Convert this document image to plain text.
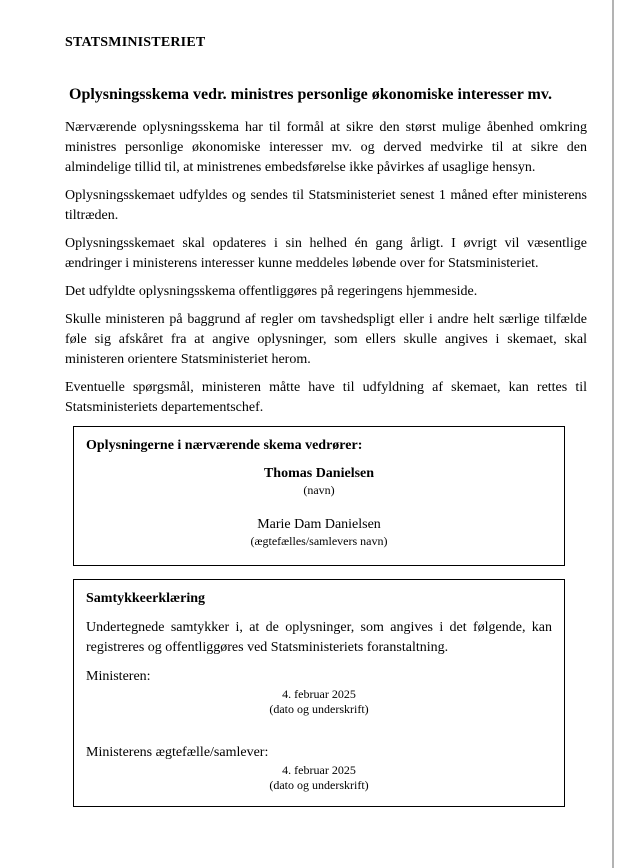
STATSMINISTERIET
Oplysningsskema vedr. ministres personlige økonomiske interesser mv.

Nærværende oplysningsskema har til formål at sikre den størst mulige åbenhed omkring ministres personlige økonomiske interesser mv. og derved medvirke til at sikre den almindelige tillid til, at ministrenes embedsførelse ikke påvirkes af usaglige hensyn.

Oplysningsskemaet udfyldes og sendes til Statsministeriet senest 1 måned efter ministerens tiltræden.

Oplysningsskemaet skal opdateres i sin helhed én gang årligt. I øvrigt vil væsentlige ændringer i ministerens interesser kunne meddeles løbende over for Statsministeriet.

Det udfyldte oplysningsskema offentliggøres på regeringens hjemmeside.

Skulle ministeren på baggrund af regler om tavshedspligt eller i andre helt særlige tilfælde føle sig afskåret fra at angive oplysninger, som ellers skulle angives i skemaet, skal ministeren orientere Statsministeriet herom.

Eventuelle spørgsmål, ministeren måtte have til udfyldning af skemaet, kan rettes til Statsministeriets departementschef.

Oplysningerne i nærværende skema vedrører:
Thomas Danielsen
(navn)
Marie Dam Danielsen
(ægtefælles/samlevers navn)
Samtykkeerklæring

Undertegnede samtykker i, at de oplysninger, som angives i det følgende, kan registreres og offentliggøres ved Statsministeriets foranstaltning.

Ministeren:
4. februar 2025
(dato og underskrift)
Ministerens ægtefælle/samlever:
4. februar 2025
(dato og underskrift)
